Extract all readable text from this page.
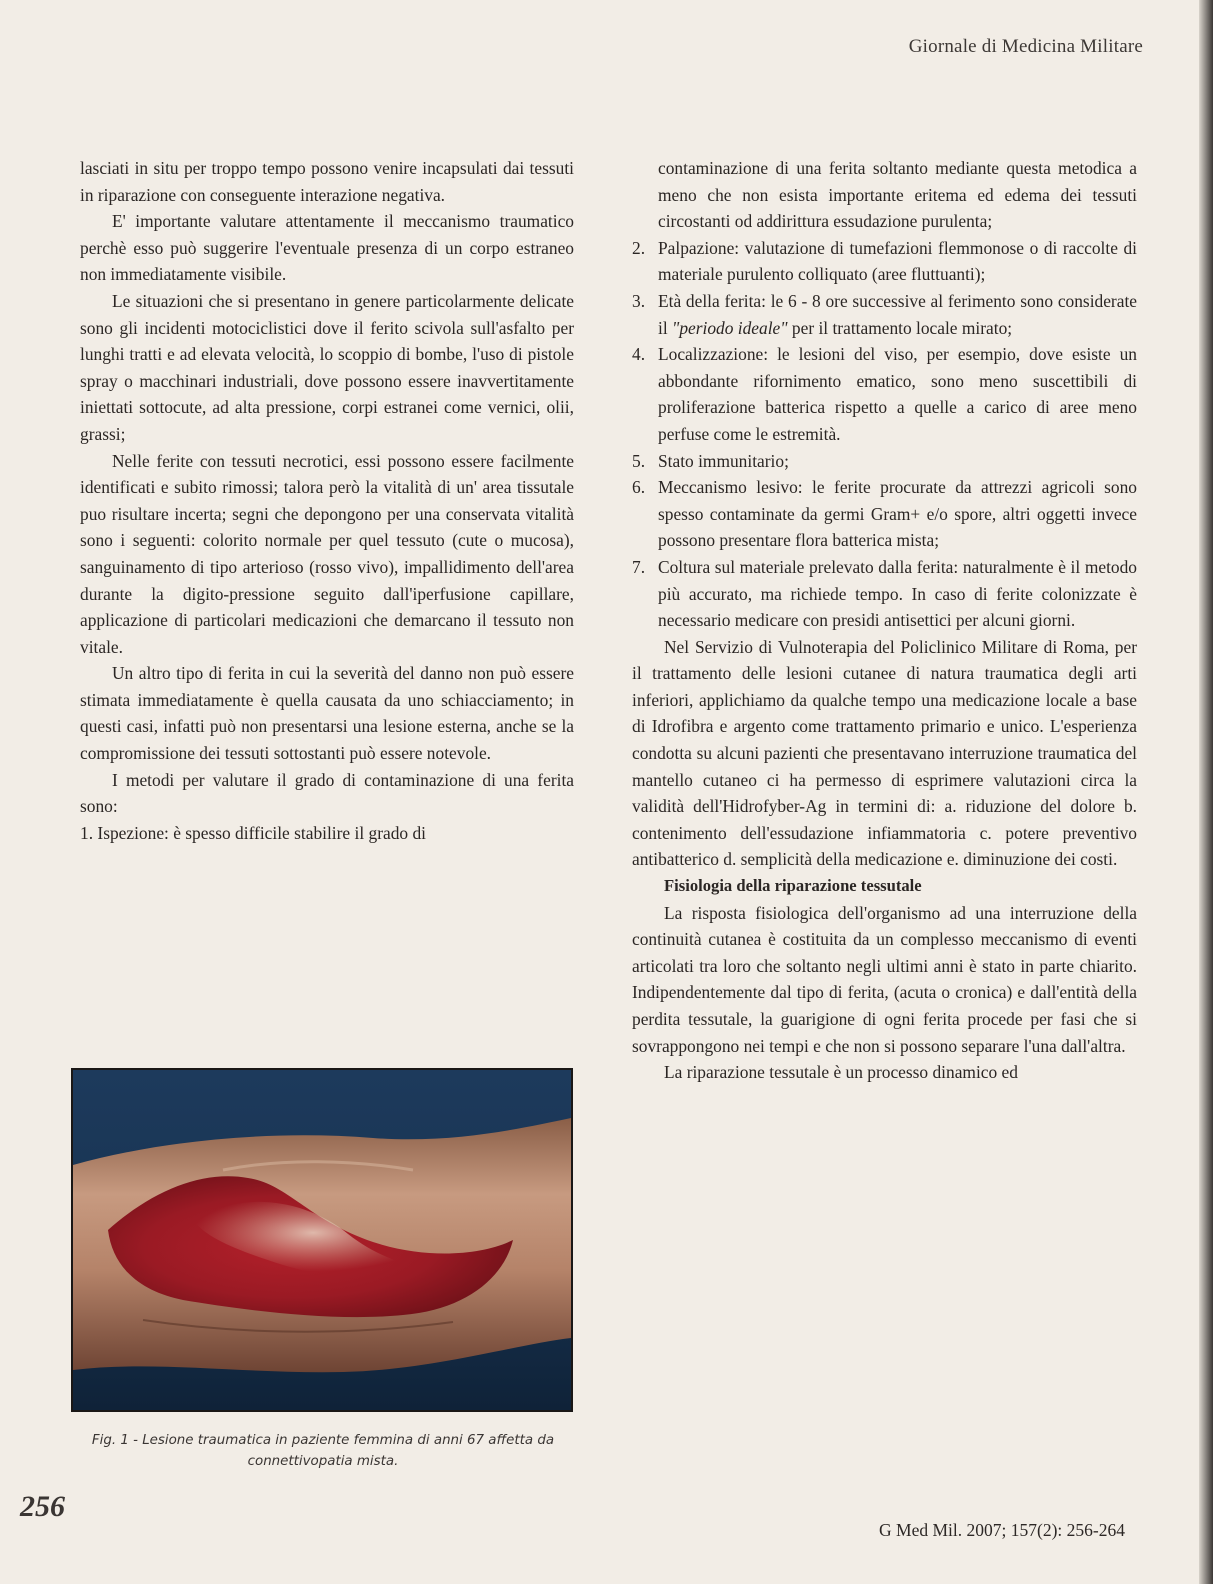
Giornale di Medicina Militare

lasciati in situ per troppo tempo possono venire incapsulati dai tessuti in riparazione con conseguente interazione negativa.

E' importante valutare attentamente il meccanismo traumatico perchè esso può suggerire l'eventuale presenza di un corpo estraneo non immediatamente visibile.

Le situazioni che si presentano in genere particolarmente delicate sono gli incidenti motociclistici dove il ferito scivola sull'asfalto per lunghi tratti e ad elevata velocità, lo scoppio di bombe, l'uso di pistole spray o macchinari industriali, dove possono essere inavvertitamente iniettati sottocute, ad alta pressione, corpi estranei come vernici, olii, grassi;

Nelle ferite con tessuti necrotici, essi possono essere facilmente identificati e subito rimossi; talora però la vitalità di un' area tissutale puo risultare incerta; segni che depongono per una conservata vitalità sono i seguenti: colorito normale per quel tessuto (cute o mucosa), sanguinamento di tipo arterioso (rosso vivo), impallidimento dell'area durante la digito-pressione seguito dall'iperfusione capillare, applicazione di particolari medicazioni che demarcano il tessuto non vitale.

Un altro tipo di ferita in cui la severità del danno non può essere stimata immediatamente è quella causata da uno schiacciamento; in questi casi, infatti può non presentarsi una lesione esterna, anche se la compromissione dei tessuti sottostanti può essere notevole.

I metodi per valutare il grado di contaminazione di una ferita sono:

1. Ispezione: è spesso difficile stabilire il grado di

Fig. 1 - Lesione traumatica in paziente femmina di anni 67 affetta da connettivopatia mista.

contaminazione di una ferita soltanto mediante questa metodica a meno che non esista importante eritema ed edema dei tessuti circostanti od addirittura essudazione purulenta;

2. Palpazione: valutazione di tumefazioni flemmonose o di raccolte di materiale purulento colliquato (aree fluttuanti);
3. Età della ferita: le 6 - 8 ore successive al ferimento sono considerate il "periodo ideale" per il trattamento locale mirato;
4. Localizzazione: le lesioni del viso, per esempio, dove esiste un abbondante rifornimento ematico, sono meno suscettibili di proliferazione batterica rispetto a quelle a carico di aree meno perfuse come le estremità.
5. Stato immunitario;
6. Meccanismo lesivo: le ferite procurate da attrezzi agricoli sono spesso contaminate da germi Gram+ e/o spore, altri oggetti invece possono presentare flora batterica mista;
7. Coltura sul materiale prelevato dalla ferita: naturalmente è il metodo più accurato, ma richiede tempo. In caso di ferite colonizzate è necessario medicare con presidi antisettici per alcuni giorni.

Nel Servizio di Vulnoterapia del Policlinico Militare di Roma, per il trattamento delle lesioni cutanee di natura traumatica degli arti inferiori, applichiamo da qualche tempo una medicazione locale a base di Idrofibra e argento come trattamento primario e unico. L'esperienza condotta su alcuni pazienti che presentavano interruzione traumatica del mantello cutaneo ci ha permesso di esprimere valutazioni circa la validità dell'Hidrofyber-Ag in termini di: a. riduzione del dolore b. contenimento dell'essudazione infiammatoria c. potere preventivo antibatterico d. semplicità della medicazione e. diminuzione dei costi.

Fisiologia della riparazione tessutale

La risposta fisiologica dell'organismo ad una interruzione della continuità cutanea è costituita da un complesso meccanismo di eventi articolati tra loro che soltanto negli ultimi anni è stato in parte chiarito. Indipendentemente dal tipo di ferita, (acuta o cronica) e dall'entità della perdita tessutale, la guarigione di ogni ferita procede per fasi che si sovrappongono nei tempi e che non si possono separare l'una dall'altra.

La riparazione tessutale è un processo dinamico ed

256
G Med Mil. 2007; 157(2): 256-264
